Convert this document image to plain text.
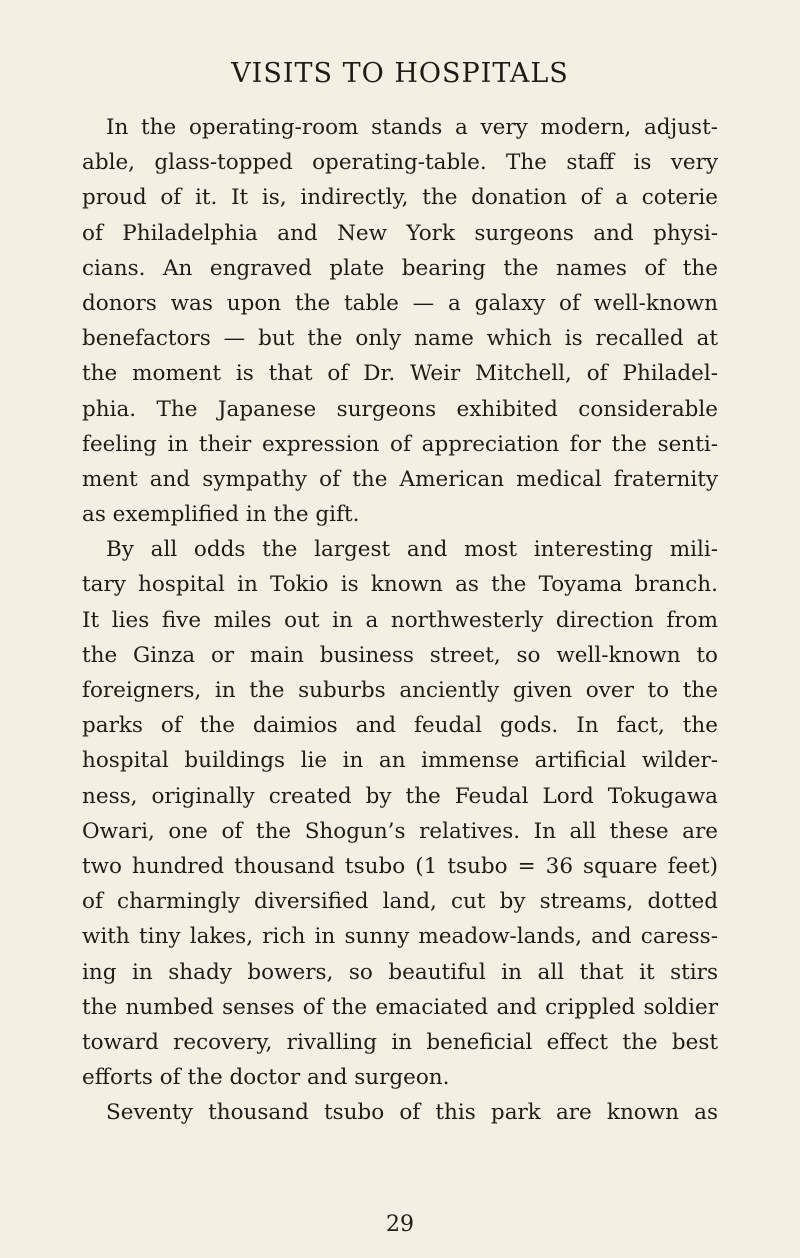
VISITS TO HOSPITALS
In the operating-room stands a very modern, adjust-
able, glass-topped operating-table. The staff is very
proud of it. It is, indirectly, the donation of a coterie
of Philadelphia and New York surgeons and physi-
cians. An engraved plate bearing the names of the
donors was upon the table — a galaxy of well-known
benefactors — but the only name which is recalled at
the moment is that of Dr. Weir Mitchell, of Philadel-
phia. The Japanese surgeons exhibited considerable
feeling in their expression of appreciation for the senti-
ment and sympathy of the American medical fraternity
as exemplified in the gift.
By all odds the largest and most interesting mili-
tary hospital in Tokio is known as the Toyama branch.
It lies five miles out in a northwesterly direction from
the Ginza or main business street, so well-known to
foreigners, in the suburbs anciently given over to the
parks of the daimios and feudal gods. In fact, the
hospital buildings lie in an immense artificial wilder-
ness, originally created by the Feudal Lord Tokugawa
Owari, one of the Shogun’s relatives. In all these are
two hundred thousand tsubo (1 tsubo = 36 square feet)
of charmingly diversified land, cut by streams, dotted
with tiny lakes, rich in sunny meadow-lands, and caress-
ing in shady bowers, so beautiful in all that it stirs
the numbed senses of the emaciated and crippled soldier
toward recovery, rivalling in beneficial effect the best
efforts of the doctor and surgeon.
Seventy thousand tsubo of this park are known as
29
